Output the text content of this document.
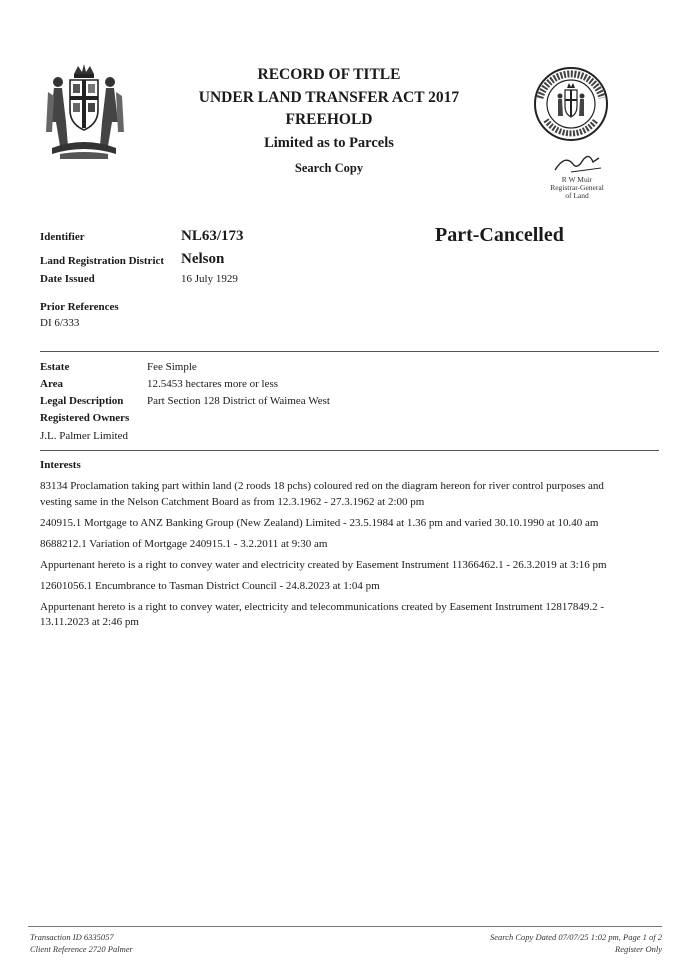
RECORD OF TITLE
UNDER LAND TRANSFER ACT 2017
FREEHOLD
Limited as to Parcels
Search Copy
R W Muir
Registrar-General
of Land
Identifier	NL63/173	Part-Cancelled
Land Registration District Nelson
Date Issued	16 July 1929
Prior References
DI 6/333
Estate	Fee Simple
Area	12.5453 hectares more or less
Legal Description Part Section 128 District of Waimea West
Registered Owners
J.L. Palmer Limited
Interests

83134 Proclamation taking part within land (2 roods 18 pchs) coloured red on the diagram hereon for river control purposes and vesting same in the Nelson Catchment Board as from 12.3.1962 - 27.3.1962 at 2:00 pm

240915.1 Mortgage to ANZ Banking Group (New Zealand) Limited - 23.5.1984 at 1.36 pm and varied 30.10.1990 at 10.40 am

8688212.1 Variation of Mortgage 240915.1 - 3.2.2011 at 9:30 am

Appurtenant hereto is a right to convey water and electricity created by Easement Instrument 11366462.1 - 26.3.2019 at 3:16 pm

12601056.1 Encumbrance to Tasman District Council - 24.8.2023 at 1:04 pm

Appurtenant hereto is a right to convey water, electricity and telecommunications created by Easement Instrument 12817849.2 - 13.11.2023 at 2:46 pm

Transaction ID 6335057
Client Reference 2720 Palmer
Search Copy Dated 07/07/25 1:02 pm, Page 1 of 2
Register Only
